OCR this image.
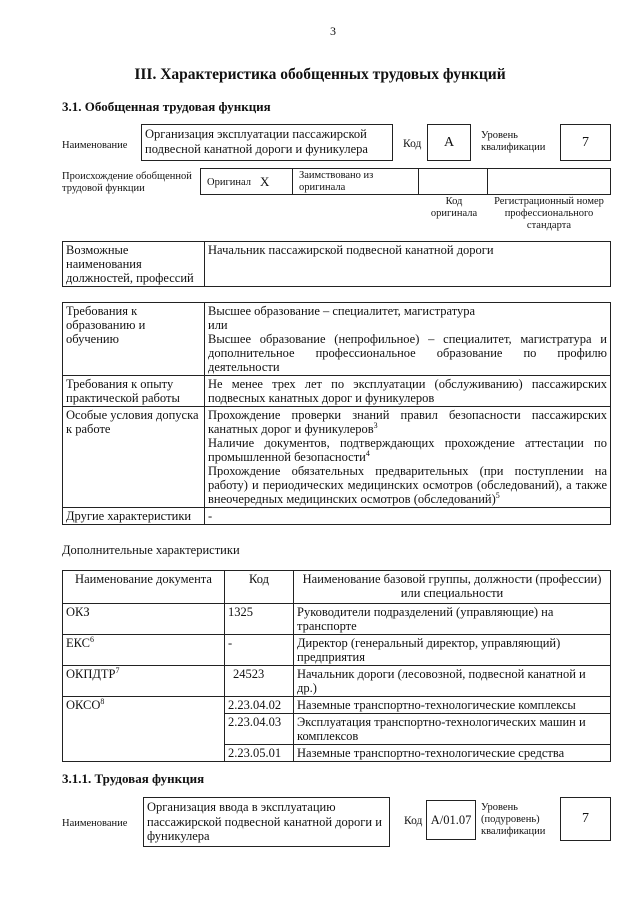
3
III. Характеристика обобщенных трудовых функций
3.1. Обобщенная трудовая функция
Наименование
Организация эксплуатации пассажирской подвесной канатной дороги и фуникулера	Код	A	Уровень квалификации	7
Происхождение обобщенной трудовой функции
Оригинал X	Заимствовано из оригинала
Код оригинала
Регистрационный номер профессионального стандарта
Возможные наименования должностей, профессий	Начальник пассажирской подвесной канатной дороги
Требования к образованию и обучению	Высшее образование – специалитет, магистратура
или
Высшее образование (непрофильное) – специалитет, магистратура и дополнительное профессиональное образование по профилю деятельности

Требования к опыту практической работы	Не менее трех лет по эксплуатации (обслуживанию) пассажирских подвесных канатных дорог и фуникулеров

Особые условия допуска к работе	Прохождение проверки знаний правил безопасности пассажирских канатных дорог и фуникулеров$^3$
Наличие документов, подтверждающих прохождение аттестации по промышленной безопасности$^4$
Прохождение обязательных предварительных (при поступлении на работу) и периодических медицинских осмотров (обследований), а также внеочередных медицинских осмотров (обследований)$^5$

Другие характеристики	-
Дополнительные характеристики
Наименование документа	Код	Наименование базовой группы, должности (профессии) или специальности
ОКЗ	1325	Руководители подразделений (управляющие) на транспорте
ЕКС$^6$	-	Директор (генеральный директор, управляющий) предприятия
ОКПДТР$^7$	24523	Начальник дороги (лесовозной, подвесной канатной и др.)
ОКСО$^8$	2.23.04.02	Наземные транспортно-технологические комплексы
	2.23.04.03	Эксплуатация транспортно-технологических машин и комплексов
	2.23.05.01	Наземные транспортно-технологические средства
3.1.1. Трудовая функция
Наименование
Организация ввода в эксплуатацию пассажирской подвесной канатной дороги и фуникулера
Код A/01.07
Уровень (подуровень) квалификации
7
